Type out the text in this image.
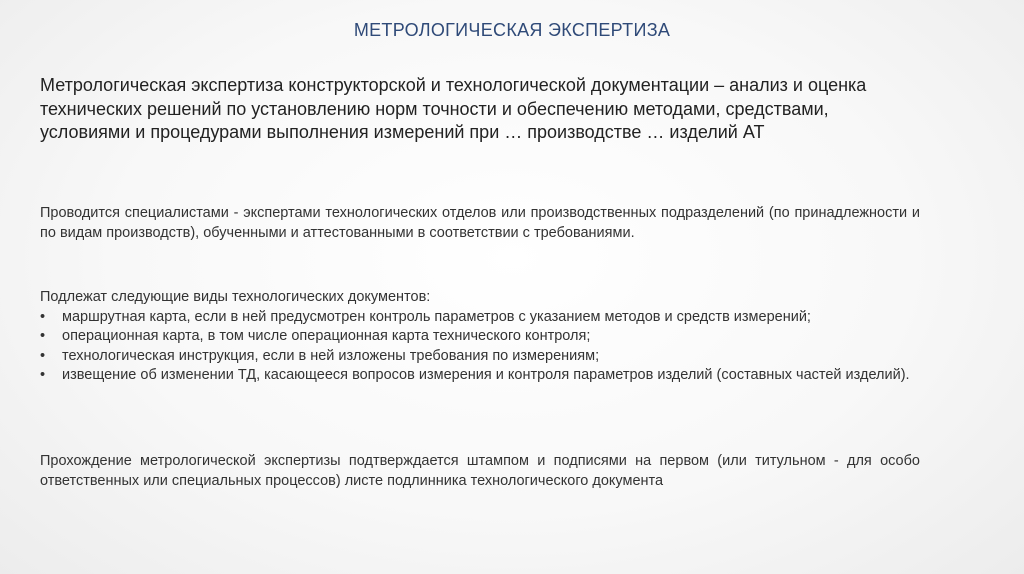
МЕТРОЛОГИЧЕСКАЯ ЭКСПЕРТИЗА
Метрологическая экспертиза конструкторской и технологической документации – анализ и оценка технических решений по установлению норм точности и обеспечению методами, средствами, условиями и процедурами выполнения измерений при … производстве … изделий АТ
Проводится специалистами - экспертами технологических отделов или производственных подразделений (по принадлежности и по видам производств), обученными и аттестованными в соответствии с требованиями.
Подлежат следующие виды технологических документов:
•	маршрутная карта, если в ней предусмотрен контроль параметров с указанием методов и средств измерений;
•	операционная карта, в том числе операционная карта технического контроля;
•	технологическая инструкция, если в ней изложены требования по измерениям;
•	извещение об изменении ТД, касающееся вопросов измерения и контроля параметров изделий (составных частей изделий).
Прохождение метрологической экспертизы подтверждается штампом и подписями на первом (или титульном - для особо ответственных или специальных процессов) листе подлинника технологического документа
